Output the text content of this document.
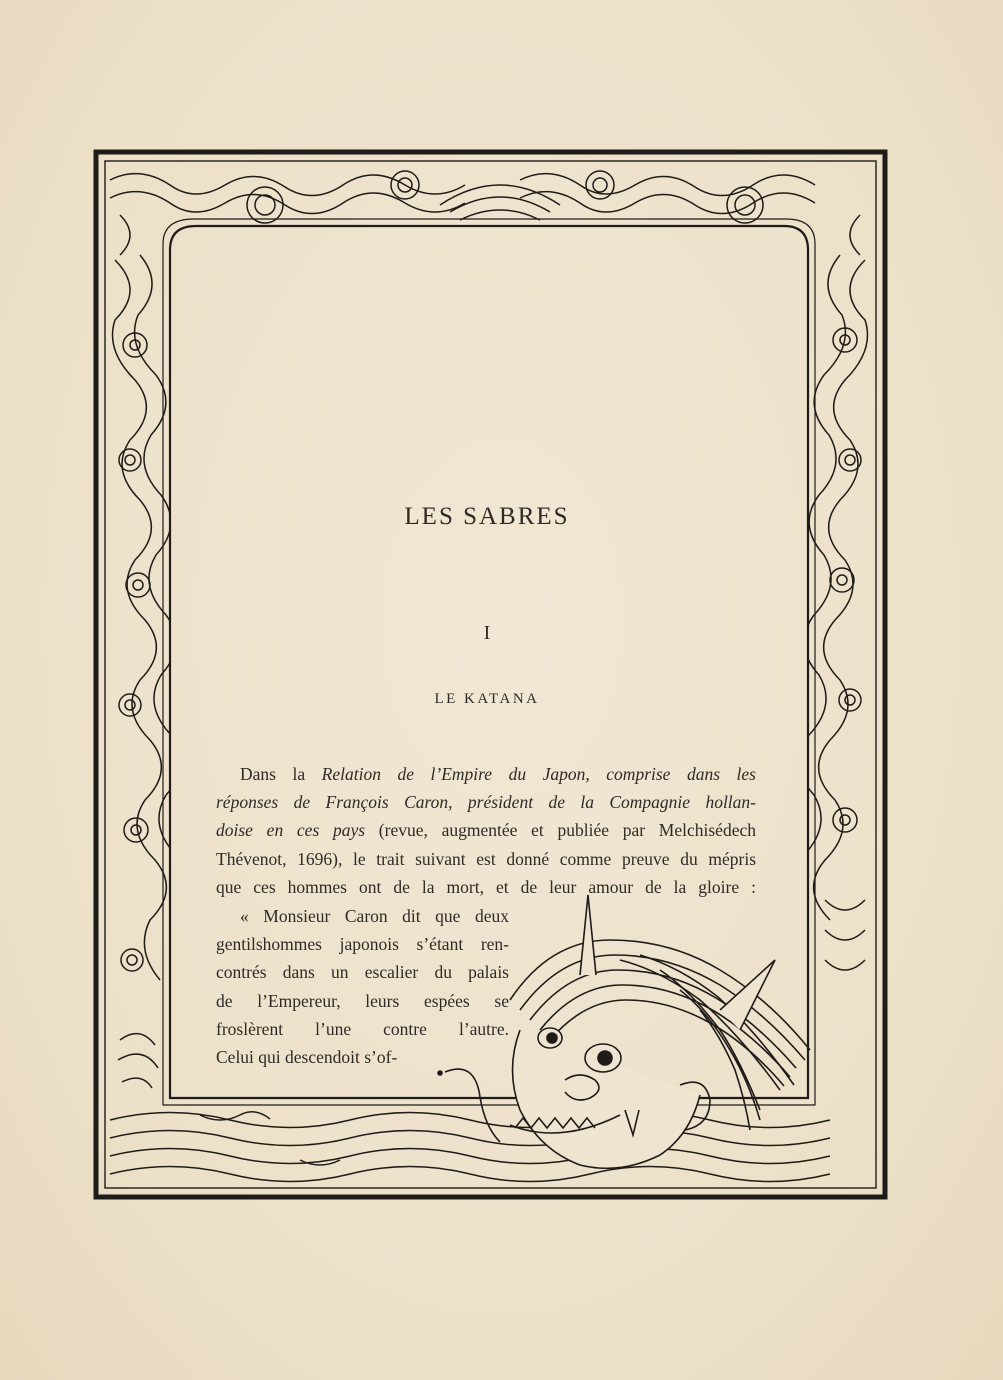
LES SABRES
I
LE KATANA
Dans la Relation de l’Empire du Japon, comprise dans les
réponses de François Caron, président de la Compagnie hollan-
doise en ces pays (revue, augmentée et publiée par Melchisédech
Thévenot, 1696), le trait suivant est donné comme preuve du mépris
que ces hommes ont de la mort, et de leur amour de la gloire :
« Monsieur Caron dit que deux
gentilshommes japonois s’étant ren-
contrés dans un escalier du palais
de l’Empereur, leurs espées se
froslèrent l’une contre l’autre.
Celui qui descendoit s’of-
